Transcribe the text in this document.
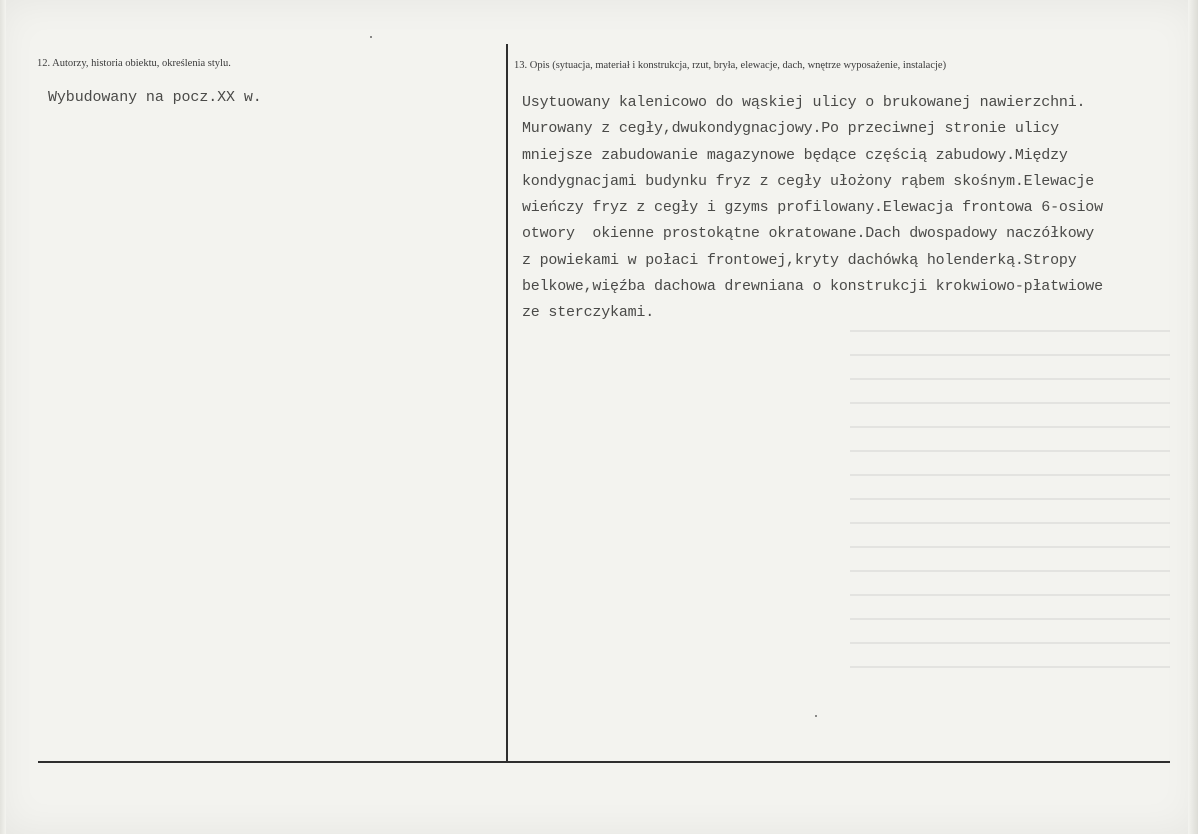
12. Autorzy, historia obiektu, określenia stylu.
Wybudowany na pocz.XX w.
13. Opis (sytuacja, materiał i konstrukcja, rzut, bryła, elewacje, dach, wnętrze wyposażenie, instalacje)
Usytuowany kalenicowo do wąskiej ulicy o brukowanej nawierzchni.
Murowany z cegły,dwukondygnacjowy.Po przeciwnej stronie ulicy
mniejsze zabudowanie magazynowe będące częścią zabudowy.Między
kondygnacjami budynku fryz z cegły ułożony rąbem skośnym.Elewacje
wieńczy fryz z cegły i gzyms profilowany.Elewacja frontowa 6-osiow
otwory  okienne prostokątne okratowane.Dach dwospadowy naczółkowy
z powiekami w połaci frontowej,kryty dachówką holenderką.Stropy
belkowe,więźba dachowa drewniana o konstrukcji krokwiowo-płatwiowe
ze sterczykami.
